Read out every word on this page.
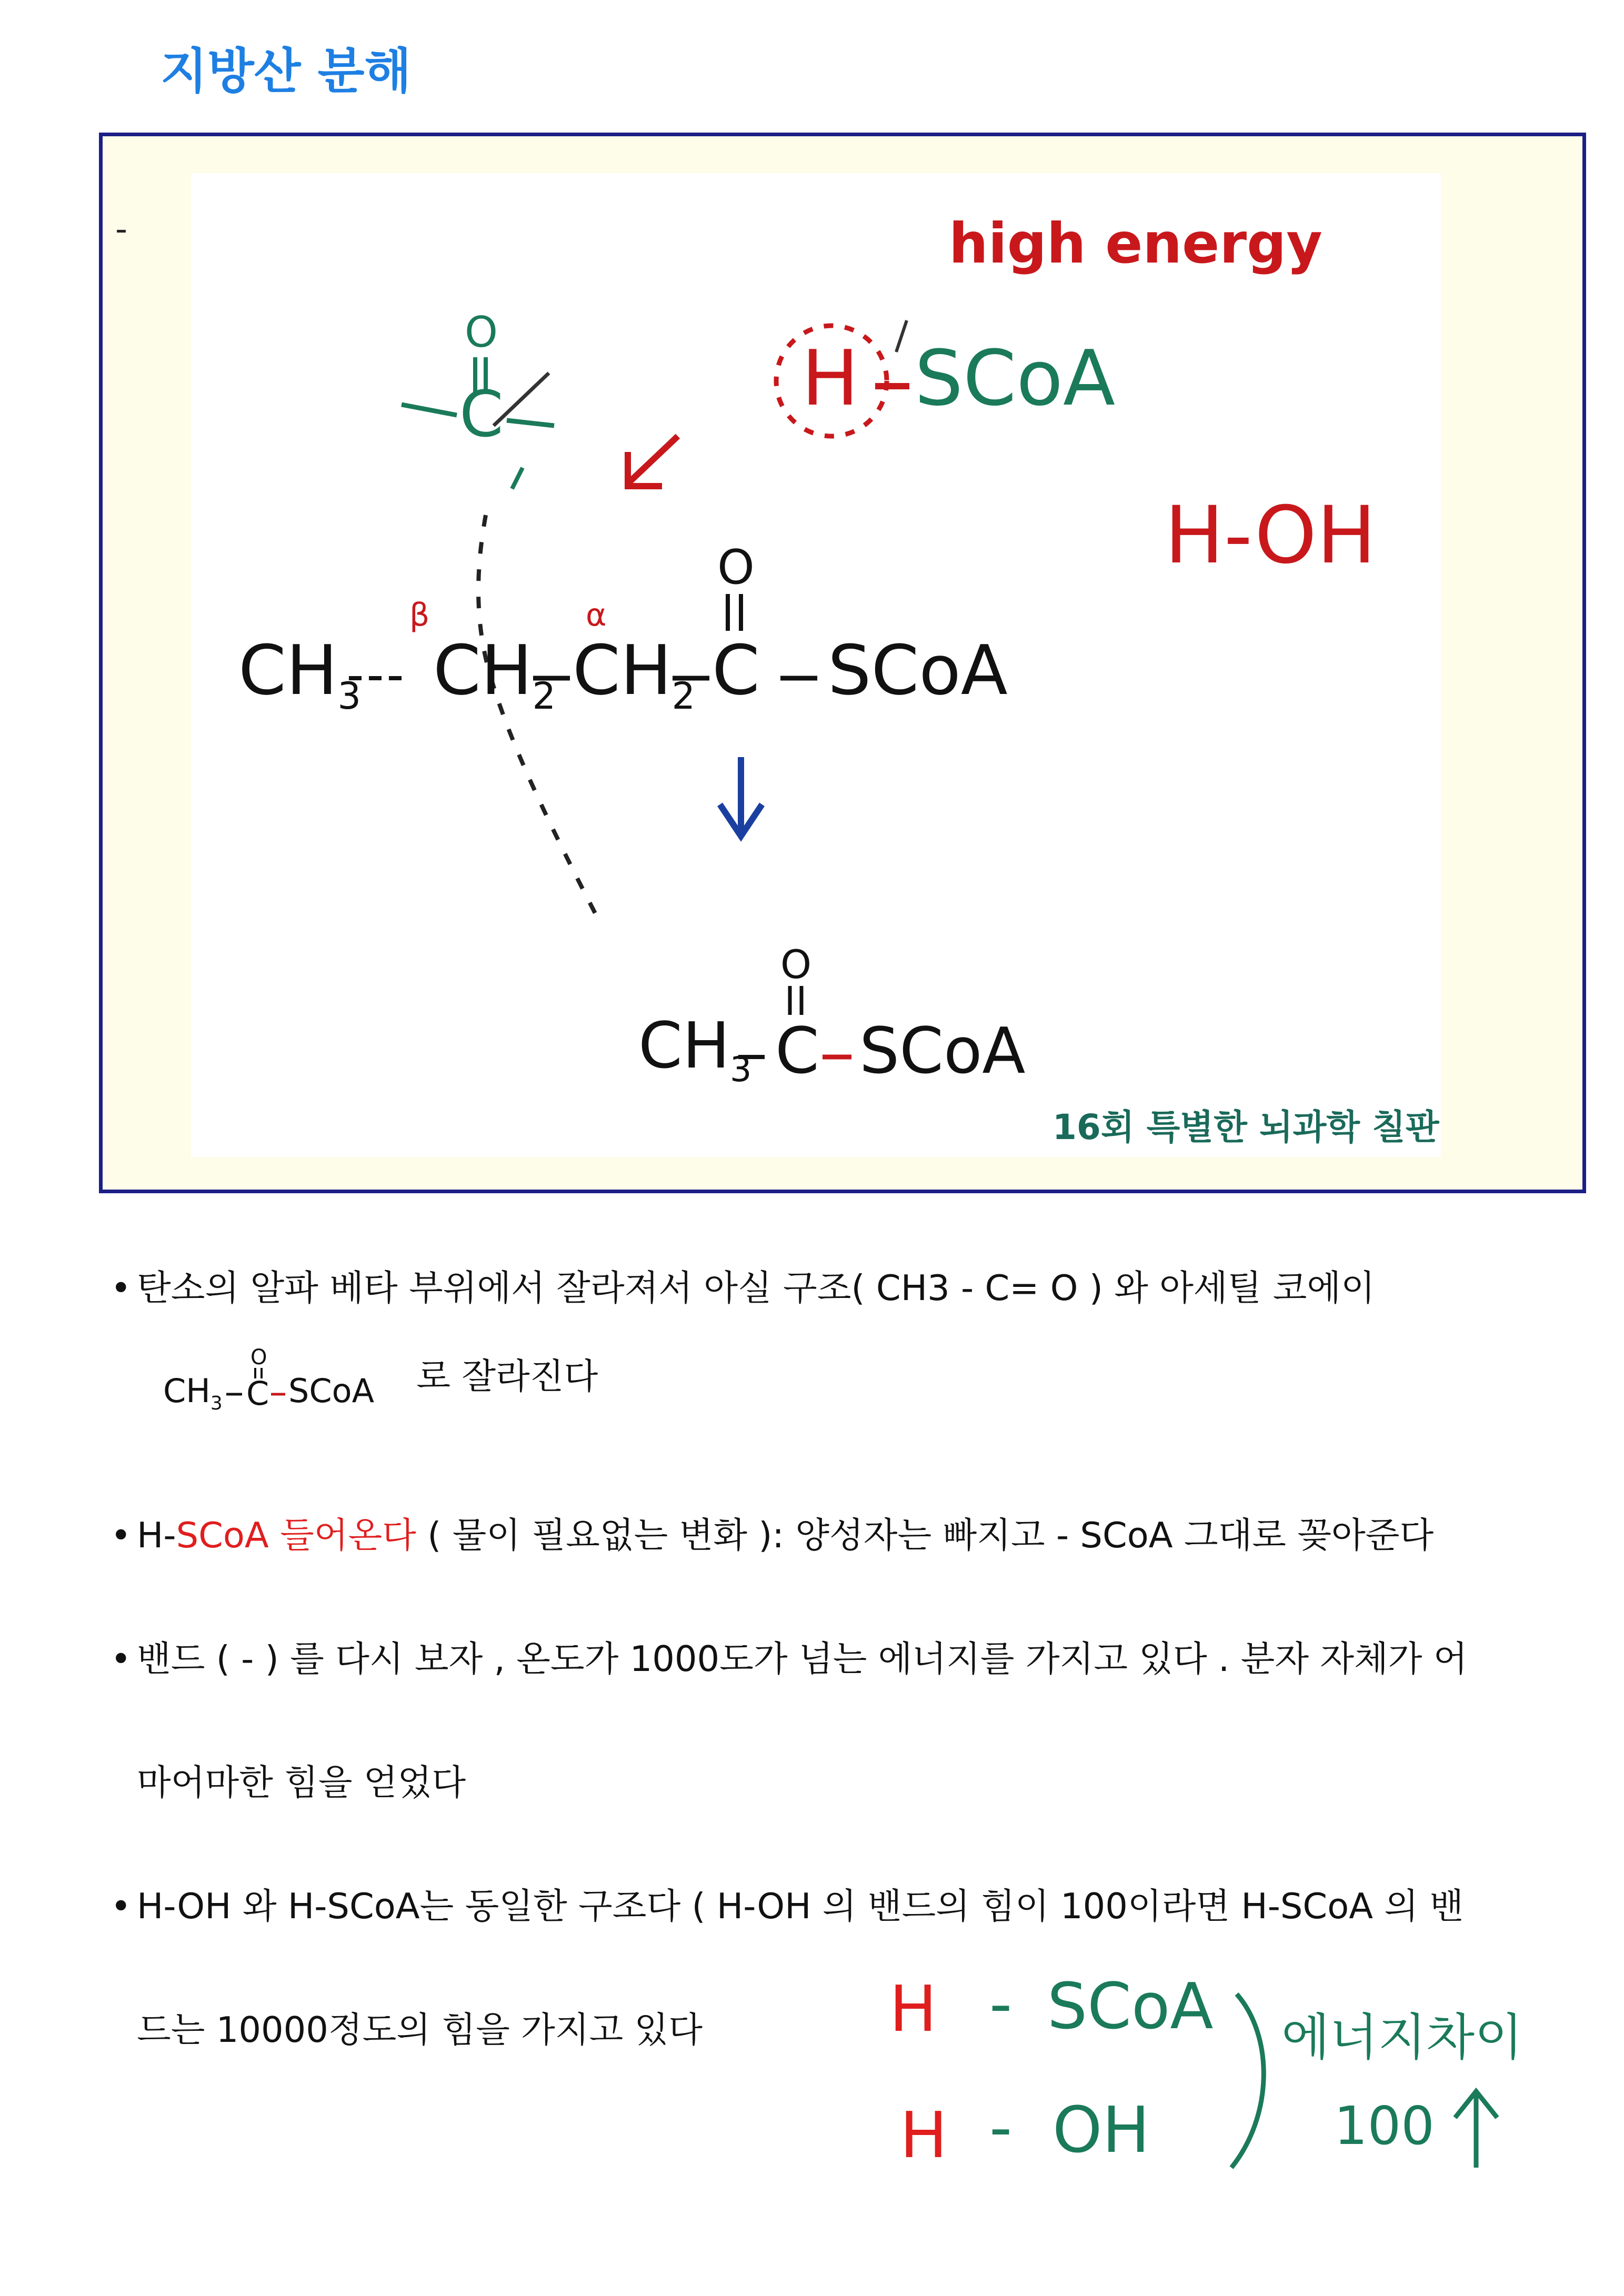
지방산 분해
-	high energy
H SCoA
H-OH
O
C
β	α
$CH_3$ $CH_2$ $CH_2$ C
O
SCoA
$CH_3$ C
O
SCoA
16회 특별한 뇌과학 칠판
• 탄소의 알파 베타 부위에서 잘라져서 아실 구조( CH3 - C= O ) 와 아세틸 코에이
$CH_3$ C
O
SCoA 로 잘라진다
• H-SCoA 들어온다 ( 물이 필요없는 변화 ): 양성자는 빠지고 - SCoA 그대로 꽂아준다
• 밴드 ( - ) 를 다시 보자 , 온도가 1000도가 넘는 에너지를 가지고 있다 . 분자 자체가 어
마어마한 힘을 얻었다
• H-OH 와 H-SCoA는 동일한 구조다 ( H-OH 의 밴드의 힘이 100이라면 H-SCoA 의 밴
드는 10000정도의 힘을 가지고 있다	H - SCoA
H - OH
에너지차이
100
